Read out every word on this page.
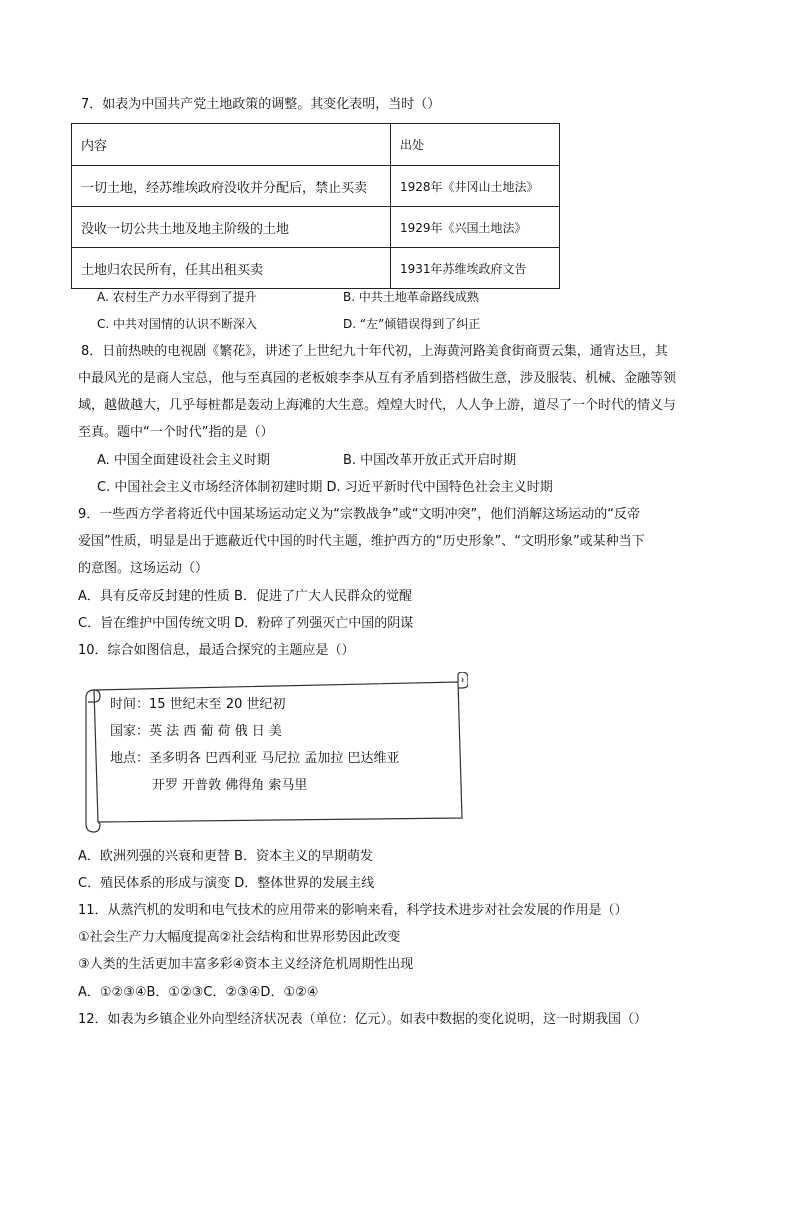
7．如表为中国共产党土地政策的调整。其变化表明，当时（）
内容	出处
一切土地，经苏维埃政府没收并分配后，禁止买卖	1928年《井冈山土地法》
没收一切公共土地及地主阶级的土地	1929年《兴国土地法》
土地归农民所有，任其出租买卖	1931年苏维埃政府文告
A. 农村生产力水平得到了提升	B. 中共土地革命路线成熟
C. 中共对国情的认识不断深入	D. “左”倾错误得到了纠正
8．日前热映的电视剧《繁花》，讲述了上世纪九十年代初，上海黄河路美食街商贾云集，通宵达旦，其
中最风光的是商人宝总，他与至真园的老板娘李李从互有矛盾到搭档做生意，涉及服装、机械、金融等领
域，越做越大，几乎每桩都是轰动上海滩的大生意。煌煌大时代，人人争上游，道尽了一个时代的情义与
至真。题中“一个时代”指的是（）
A. 中国全面建设社会主义时期	B. 中国改革开放正式开启时期
C. 中国社会主义市场经济体制初建时期 D. 习近平新时代中国特色社会主义时期
9．一些西方学者将近代中国某场运动定义为“宗教战争”或“文明冲突”，他们消解这场运动的“反帝
爱国”性质，明显是出于遮蔽近代中国的时代主题，维护西方的“历史形象”、“文明形象”或某种当下
的意图。这场运动（）
A．具有反帝反封建的性质 B．促进了广大人民群众的觉醒
C．旨在维护中国传统文明 D．粉碎了列强灭亡中国的阴谋
10．综合如图信息，最适合探究的主题应是（）
时间：15 世纪末至 20 世纪初
国家：英 法 西 葡 荷 俄 日 美
地点：圣多明各 巴西利亚 马尼拉 孟加拉 巴达维亚
开罗 开普敦 佛得角 索马里
A．欧洲列强的兴衰和更替 B．资本主义的早期萌发
C．殖民体系的形成与演变 D．整体世界的发展主线
11．从蒸汽机的发明和电气技术的应用带来的影响来看，科学技术进步对社会发展的作用是（）
①社会生产力大幅度提高②社会结构和世界形势因此改变
③人类的生活更加丰富多彩④资本主义经济危机周期性出现
A．①②③④B．①②③C．②③④D．①②④
12．如表为乡镇企业外向型经济状况表（单位：亿元）。如表中数据的变化说明，这一时期我国（）
